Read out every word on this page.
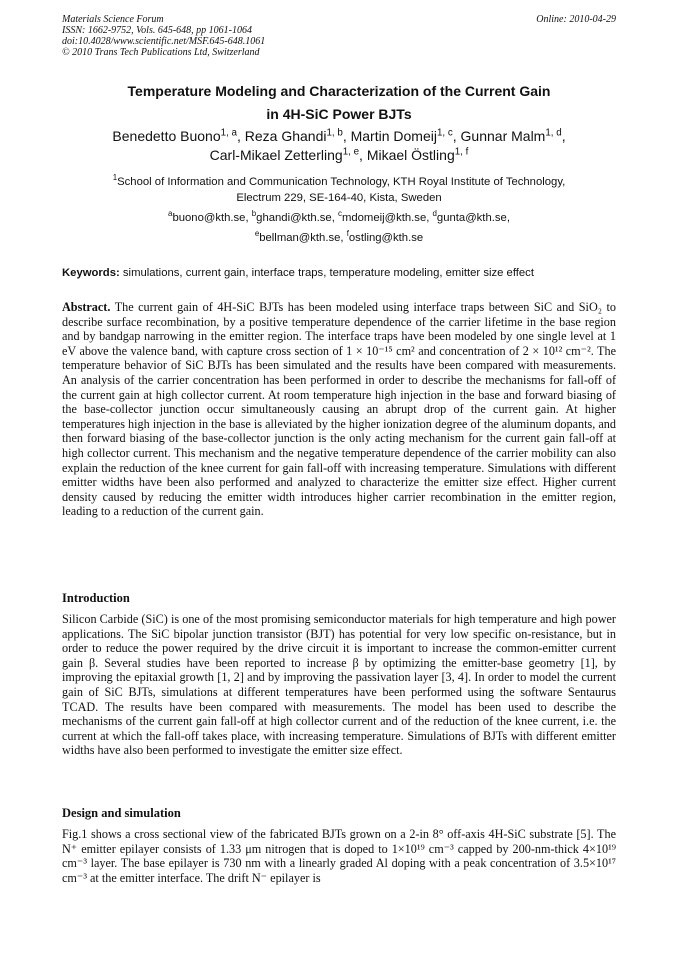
Materials Science Forum
ISSN: 1662-9752, Vols. 645-648, pp 1061-1064
doi:10.4028/www.scientific.net/MSF.645-648.1061
© 2010 Trans Tech Publications Ltd, Switzerland
Online: 2010-04-29
Temperature Modeling and Characterization of the Current Gain
in 4H-SiC Power BJTs
Benedetto Buono$^{1, a}$, Reza Ghandi$^{1, b}$, Martin Domeij$^{1, c}$, Gunnar Malm$^{1, d}$,
Carl-Mikael Zetterling$^{1, e}$, Mikael Östling$^{1, f}$
$^1$School of Information and Communication Technology, KTH Royal Institute of Technology,
Electrum 229, SE-164-40, Kista, Sweden
$^a$buono@kth.se, $^b$ghandi@kth.se, $^c$mdomeij@kth.se, $^d$gunta@kth.se,
$^e$bellman@kth.se, $^f$ostling@kth.se
Keywords: simulations, current gain, interface traps, temperature modeling, emitter size effect
Abstract. The current gain of 4H-SiC BJTs has been modeled using interface traps between SiC and SiO₂ to describe surface recombination, by a positive temperature dependence of the carrier lifetime in the base region and by bandgap narrowing in the emitter region. The interface traps have been modeled by one single level at 1 eV above the valence band, with capture cross section of 1 × 10⁻¹⁵ cm² and concentration of 2 × 10¹² cm⁻². The temperature behavior of SiC BJTs has been simulated and the results have been compared with measurements. An analysis of the carrier concentration has been performed in order to describe the mechanisms for fall-off of the current gain at high collector current. At room temperature high injection in the base and forward biasing of the base-collector junction occur simultaneously causing an abrupt drop of the current gain. At higher temperatures high injection in the base is alleviated by the higher ionization degree of the aluminum dopants, and then forward biasing of the base-collector junction is the only acting mechanism for the current gain fall-off at high collector current. This mechanism and the negative temperature dependence of the carrier mobility can also explain the reduction of the knee current for gain fall-off with increasing temperature. Simulations with different emitter widths have been also performed and analyzed to characterize the emitter size effect. Higher current density caused by reducing the emitter width introduces higher carrier recombination in the emitter region, leading to a reduction of the current gain.
Introduction
Silicon Carbide (SiC) is one of the most promising semiconductor materials for high temperature and high power applications. The SiC bipolar junction transistor (BJT) has potential for very low specific on-resistance, but in order to reduce the power required by the drive circuit it is important to increase the common-emitter current gain β. Several studies have been reported to increase β by optimizing the emitter-base geometry [1], by improving the epitaxial growth [1, 2] and by improving the passivation layer [3, 4]. In order to model the current gain of SiC BJTs, simulations at different temperatures have been performed using the software Sentaurus TCAD. The results have been compared with measurements. The model has been used to describe the mechanisms of the current gain fall-off at high collector current and of the reduction of the knee current, i.e. the current at which the fall-off takes place, with increasing temperature. Simulations of BJTs with different emitter widths have also been performed to investigate the emitter size effect.
Design and simulation
Fig.1 shows a cross sectional view of the fabricated BJTs grown on a 2-in 8° off-axis 4H-SiC substrate [5]. The N⁺ emitter epilayer consists of 1.33 μm nitrogen that is doped to 1×10¹⁹ cm⁻³ capped by 200-nm-thick 4×10¹⁹ cm⁻³ layer. The base epilayer is 730 nm with a linearly graded Al doping with a peak concentration of 3.5×10¹⁷ cm⁻³ at the emitter interface. The drift N⁻ epilayer is
